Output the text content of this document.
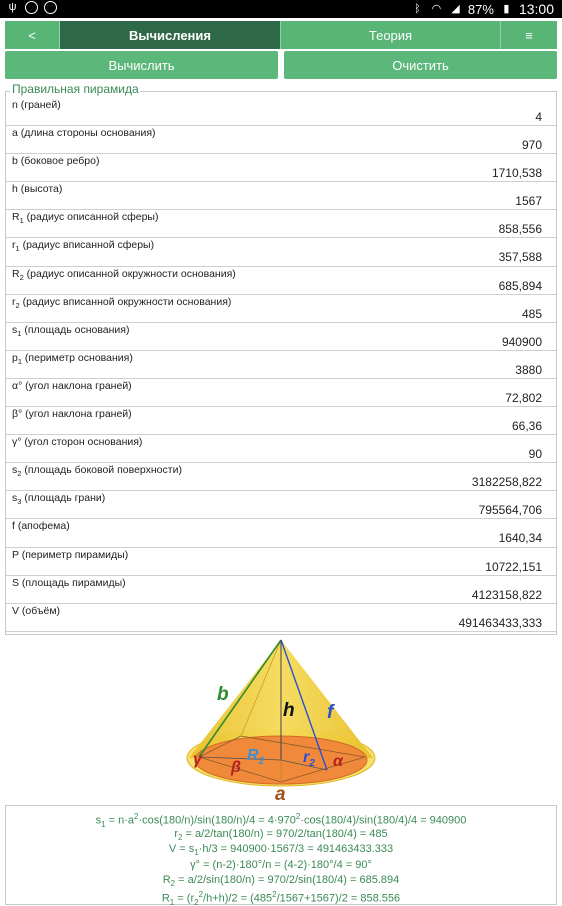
ψ	ᛒ ◠ ◢ 87% ▮ 13:00
<	Вычисления	Теория	≡
Вычислить	Очистить
Правильная пирамида
n (граней)
4
a (длина стороны основания)
970
b (боковое ребро)
1710,538
h (высота)
1567
$R_1$ (радиус описанной сферы)
858,556
$r_1$ (радиус вписанной сферы)
357,588
$R_2$ (радиус описанной окружности основания)
685,894
$r_2$ (радиус вписанной окружности основания)
485
$s_1$ (площадь основания)
940900
$p_1$ (периметр основания)
3880
α° (угол наклона граней)
72,802
β° (угол наклона граней)
66,36
γ° (угол сторон основания)
90
$s_2$ (площадь боковой поверхности)
3182258,822
$s_3$ (площадь грани)
795564,706
f (апофема)
1640,34
P (периметр пирамиды)
10722,151
S (площадь пирамиды)
4123158,822
V (объём)
491463433,333
b
h f
$R_2$ $r_2$
γ β	α
a
$s_1 = n\cdot a^2\cdot\cos(180/n)/\sin(180/n)/4 = 4\cdot 970^2\cdot\cos(180/4)/\sin(180/4)/4 = 940900$
$r_2 = a/2/\tan(180/n) = 970/2/\tan(180/4) = 485$
$V = s_1\cdot h/3 = 940900\cdot 1567/3 = 491463433.333$
γ° = (n-2)·180°/n = (4-2)·180°/4 = 90°
$R_2 = a/2/\sin(180/n) = 970/2/\sin(180/4) = 685.894$
$R_1 = (r_2^2/h+h)/2 = (485^2/1567+1567)/2 = 858.556$
